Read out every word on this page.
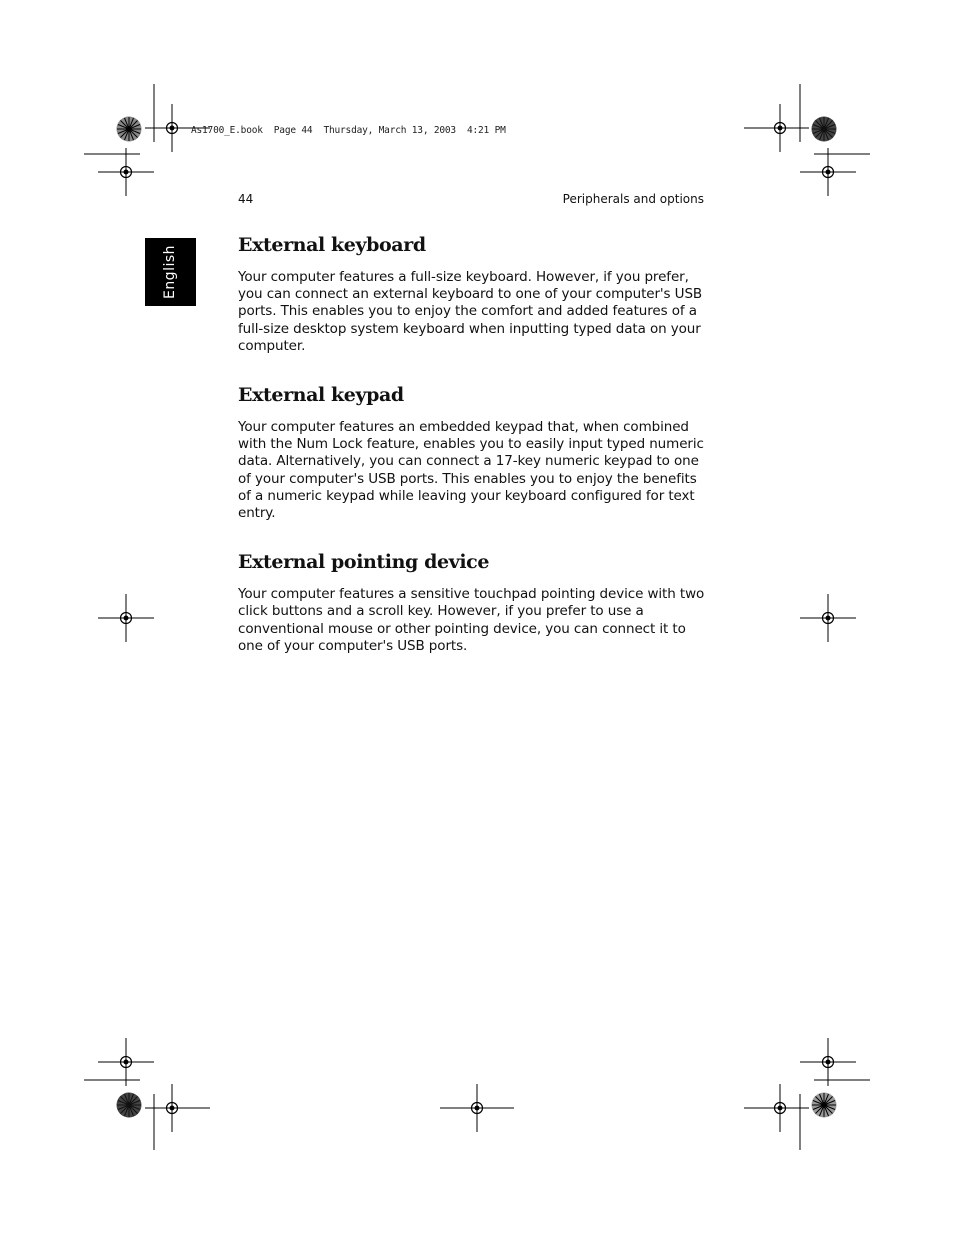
As1700_E.book  Page 44  Thursday, March 13, 2003  4:21 PM
44	Peripherals and options
English	External keyboard

Your computer features a full-size keyboard. However, if you prefer, you can connect an external keyboard to one of your computer's USB ports. This enables you to enjoy the comfort and added features of a full-size desktop system keyboard when inputting typed data on your computer.

External keypad

Your computer features an embedded keypad that, when combined with the Num Lock feature, enables you to easily input typed numeric data. Alternatively, you can connect a 17-key numeric keypad to one of your computer's USB ports. This enables you to enjoy the benefits of a numeric keypad while leaving your keyboard configured for text entry.

External pointing device

Your computer features a sensitive touchpad pointing device with two click buttons and a scroll key. However, if you prefer to use a conventional mouse or other pointing device, you can connect it to one of your computer's USB ports.
